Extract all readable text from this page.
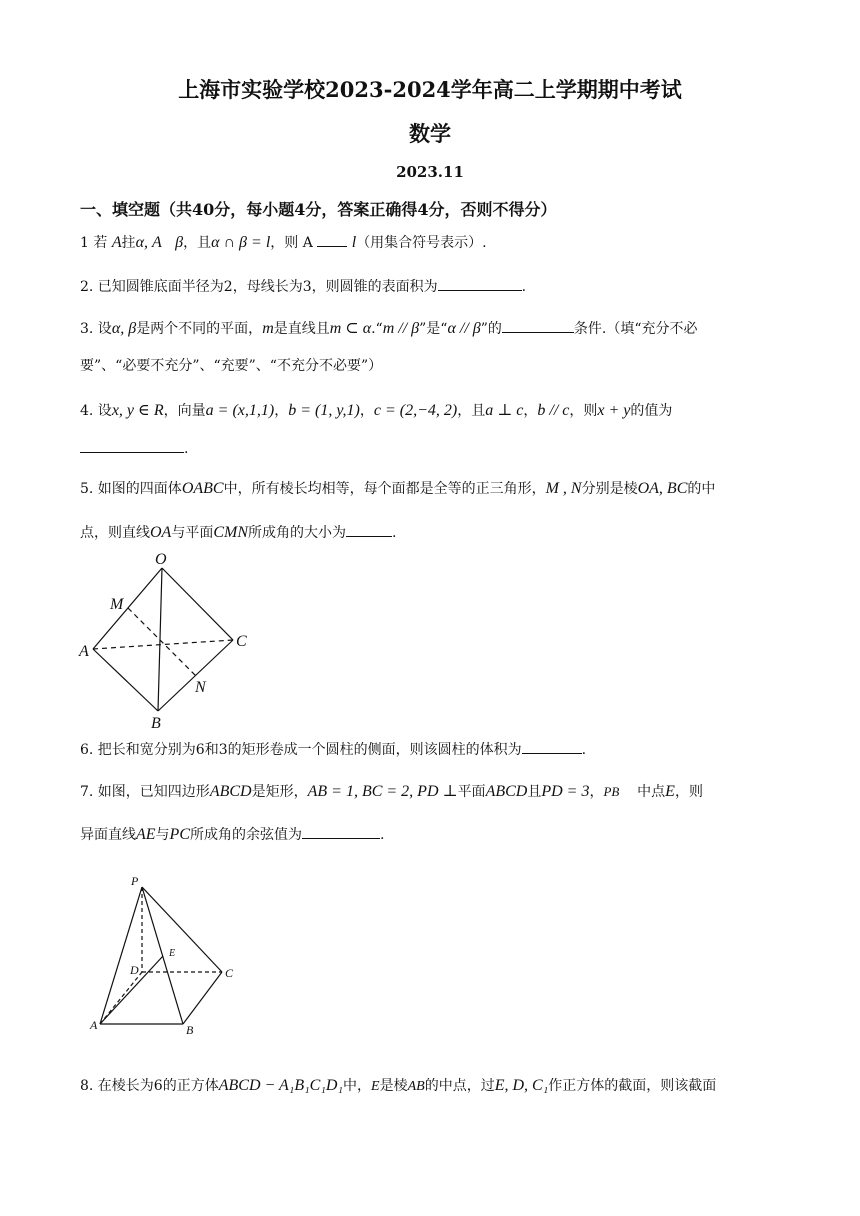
上海市实验学校2023-2024学年高二上学期期中考试
数学
2023.11
一、填空题（共40分，每小题4分，答案正确得4分，否则不得分）
1 若 A拄α, A β，且α ∩ β = l，则 A  l（用集合符号表示）.
2. 已知圆锥底面半径为2，母线长为3，则圆锥的表面积为	.
3. 设α, β是两个不同的平面，m是直线且m ⊂ α.“m // β”是“α // β”的	条件.（填“充分不必
要”、“必要不充分”、“充要”、“不充分不必要”）
4. 设x, y ∈ R，向量a = (x,1,1)，b = (1, y,1)，c = (2,−4, 2)，且a ⊥ c，b // c，则x + y的值为
.
5. 如图的四面体OABC中，所有棱长均相等，每个面都是全等的正三角形，M , N分别是棱OA, BC的中
点，则直线OA与平面CMN所成角的大小为	.
O
M
A
C
N
B
6. 把长和宽分别为6和3的矩形卷成一个圆柱的侧面，则该圆柱的体积为	.
7. 如图，已知四边形ABCD是矩形，AB = 1, BC = 2, PD ⊥平面ABCD且PD = 3，PB 中点E，则
异面直线AE与PC所成角的余弦值为	.
P
E
D	C
A	B
8. 在棱长为6的正方体ABCD − A₁B₁C₁D₁中，E是棱AB的中点，过E, D, C₁作正方体的截面，则该截面
